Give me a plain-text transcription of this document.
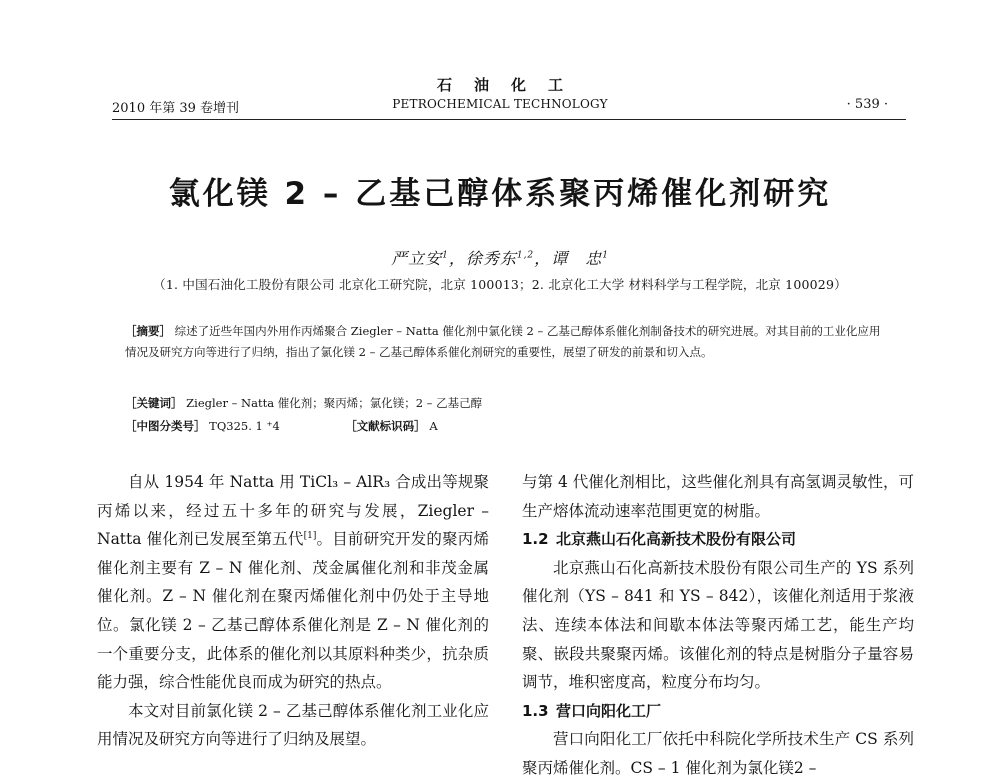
石油化工
2010 年第 39 卷增刊	PETROCHEMICAL TECHNOLOGY	· 539 ·
氯化镁 2 – 乙基己醇体系聚丙烯催化剂研究
严立安$^1$，徐秀东$^{1,2}$，谭　忠$^1$
（1. 中国石油化工股份有限公司 北京化工研究院，北京 100013；2. 北京化工大学 材料科学与工程学院，北京 100029）
［摘要］ 综述了近些年国内外用作丙烯聚合 Ziegler – Natta 催化剂中氯化镁 2 – 乙基己醇体系催化剂制备技术的研究进展。对其目前的工业化应用情况及研究方向等进行了归纳，指出了氯化镁 2 – 乙基己醇体系催化剂研究的重要性，展望了研发的前景和切入点。
［关键词］ Ziegler – Natta 催化剂；聚丙烯；氯化镁；2 – 乙基己醇
［中图分类号］ TQ325. 1 ⁺4	［文献标识码］ A

自从 1954 年 Natta 用 TiCl₃ – AlR₃ 合成出等规聚丙烯以来，经过五十多年的研究与发展，Ziegler – Natta 催化剂已发展至第五代[1]。目前研究开发的聚丙烯催化剂主要有 Z – N 催化剂、茂金属催化剂和非茂金属催化剂。Z – N 催化剂在聚丙烯催化剂中仍处于主导地位。氯化镁 2 – 乙基己醇体系催化剂是 Z – N 催化剂的一个重要分支，此体系的催化剂以其原料种类少，抗杂质能力强，综合性能优良而成为研究的热点。

本文对目前氯化镁 2 – 乙基己醇体系催化剂工业化应用情况及研究方向等进行了归纳及展望。

与第 4 代催化剂相比，这些催化剂具有高氢调灵敏性，可生产熔体流动速率范围更宽的树脂。

1.2 北京燕山石化高新技术股份有限公司

北京燕山石化高新技术股份有限公司生产的 YS 系列催化剂（YS – 841 和 YS – 842），该催化剂适用于浆液法、连续本体法和间歇本体法等聚丙烯工艺，能生产均聚、嵌段共聚聚丙烯。该催化剂的特点是树脂分子量容易调节，堆积密度高，粒度分布均匀。

1.3 营口向阳化工厂

营口向阳化工厂依托中科院化学所技术生产 CS 系列聚丙烯催化剂。CS – 1 催化剂为氯化镁2 –
